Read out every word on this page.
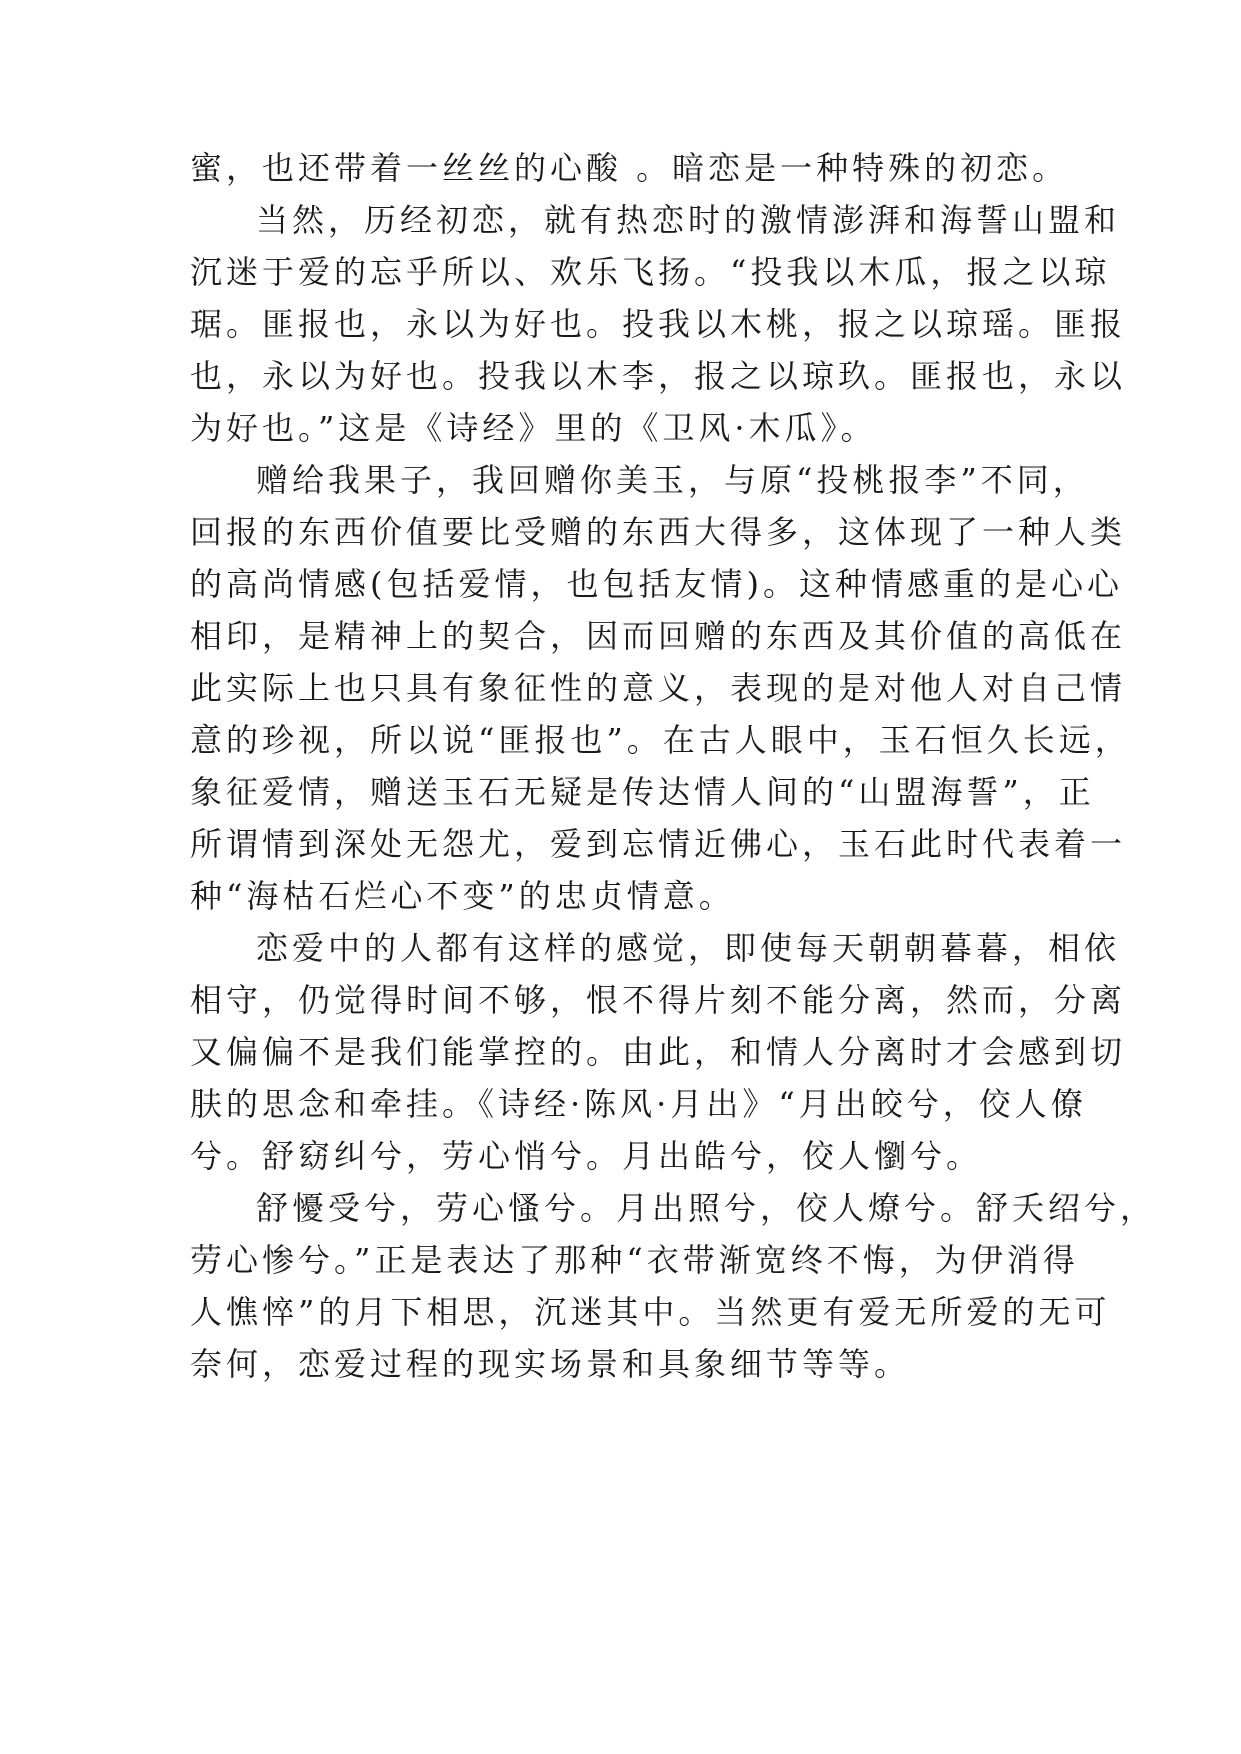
蜜，也还带着一丝丝的心酸 。暗恋是一种特殊的初恋。
当然，历经初恋，就有热恋时的激情澎湃和海誓山盟和
沉迷于爱的忘乎所以、欢乐飞扬。“投我以木瓜，报之以琼
琚。匪报也，永以为好也。投我以木桃，报之以琼瑶。匪报
也，永以为好也。投我以木李，报之以琼玖。匪报也，永以
为好也。”这是《诗经》里的《卫风·木瓜》。
赠给我果子，我回赠你美玉，与原“投桃报李”不同，
回报的东西价值要比受赠的东西大得多，这体现了一种人类
的高尚情感(包括爱情，也包括友情)。这种情感重的是心心
相印，是精神上的契合，因而回赠的东西及其价值的高低在
此实际上也只具有象征性的意义，表现的是对他人对自己情
意的珍视，所以说“匪报也”。在古人眼中，玉石恒久长远，
象征爱情，赠送玉石无疑是传达情人间的“山盟海誓”，正
所谓情到深处无怨尤，爱到忘情近佛心，玉石此时代表着一
种“海枯石烂心不变”的忠贞情意。
恋爱中的人都有这样的感觉，即使每天朝朝暮暮，相依
相守，仍觉得时间不够，恨不得片刻不能分离，然而，分离
又偏偏不是我们能掌控的。由此，和情人分离时才会感到切
肤的思念和牵挂。《诗经·陈风·月出》“月出皎兮，佼人僚
兮。舒窈纠兮，劳心悄兮。月出皓兮，佼人懰兮。
舒懮受兮，劳心慅兮。月出照兮，佼人燎兮。舒夭绍兮，
劳心惨兮。”正是表达了那种“衣带渐宽终不悔，为伊消得
人憔悴”的月下相思，沉迷其中。当然更有爱无所爱的无可
奈何，恋爱过程的现实场景和具象细节等等。
